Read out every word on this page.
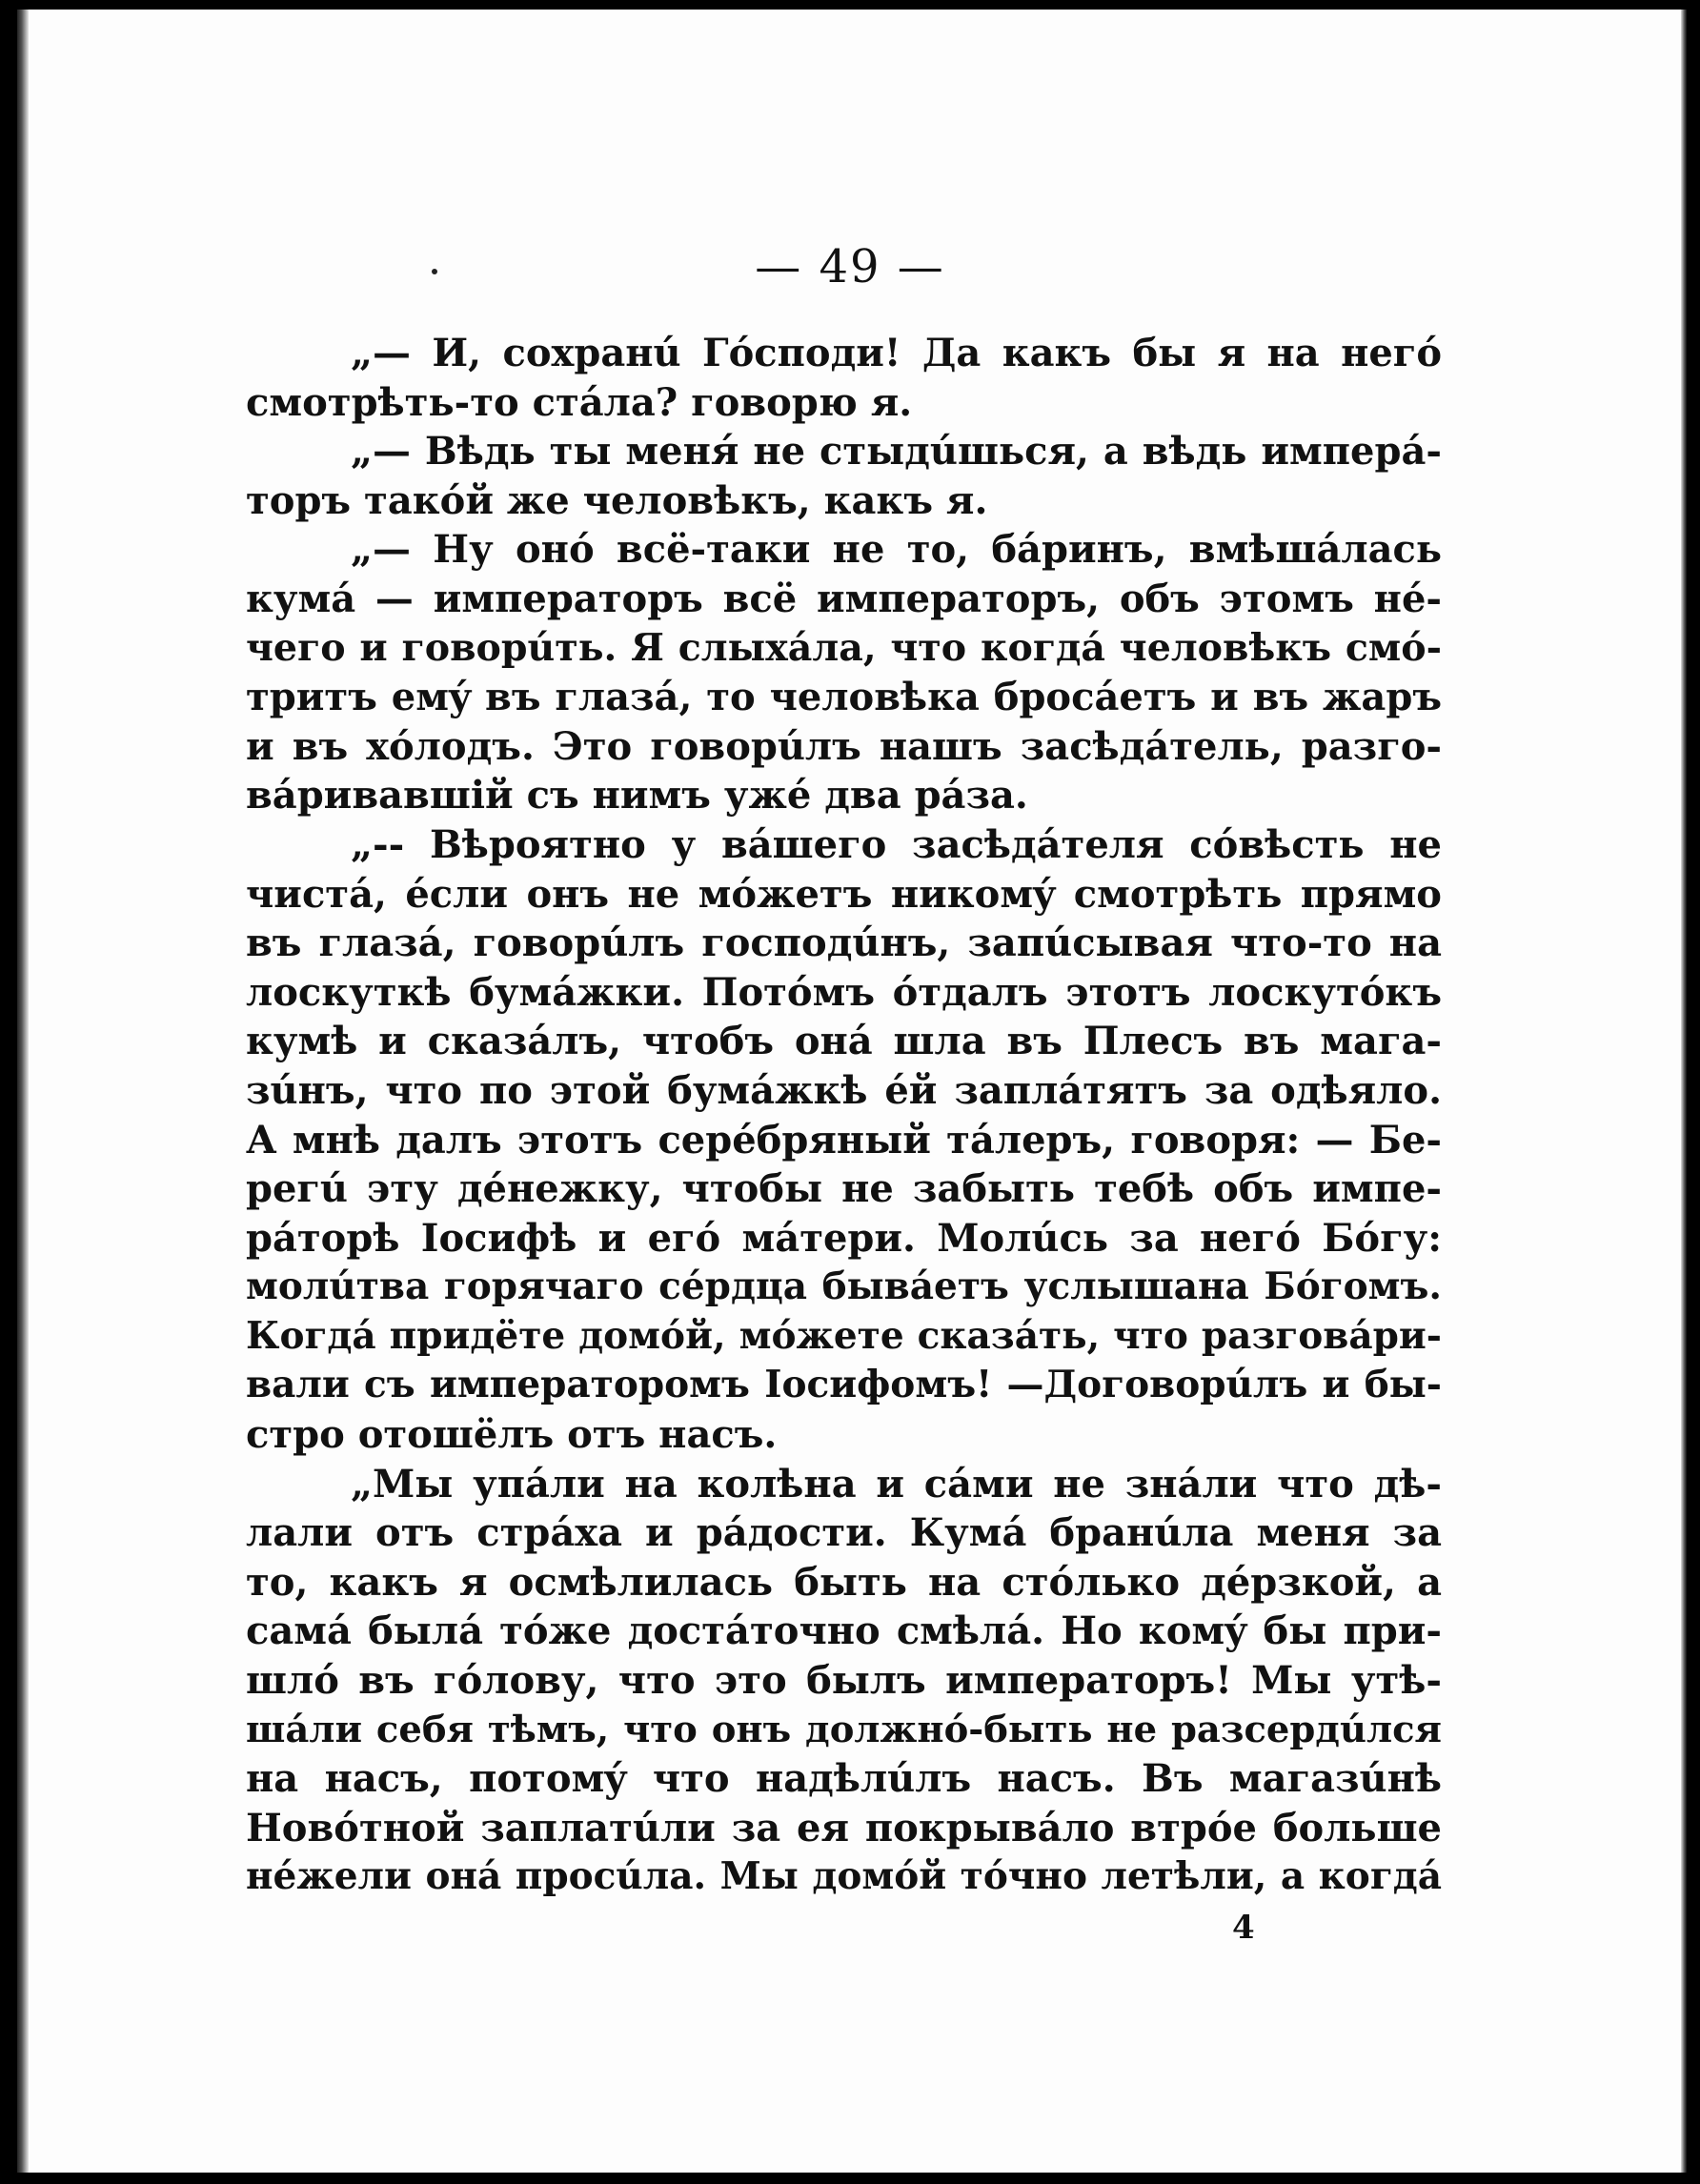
— 49 —
„— И, сохранú Гóсподи! Да какъ бы я на негó
смотрѣть-то стáла? говорю я.
„— Вѣдь ты меня́ не стыдúшься, а вѣдь имперá-
торъ такóй же человѣкъ, какъ я.
„— Ну онó всё-таки не то, бáринъ, вмѣшáлась
кумá — императоръ всё императоръ, объ этомъ нé-
чего и говорúть. Я слыхáла, что когдá человѣкъ смó-
тритъ емý въ глазá, то человѣка бросáетъ и въ жаръ
и въ хóлодъ. Это говорúлъ нашъ засѣдáтель, разго-
вáривавшій съ нимъ ужé два рáза.
„-- Вѣроятно у вáшего засѣдáтеля сóвѣсть не
чистá, éсли онъ не мóжетъ никомý смотрѣть прямо
въ глазá, говорúлъ господúнъ, запúсывая что-то на
лоскуткѣ бумáжки. Потóмъ óтдалъ этотъ лоскутóкъ
кумѣ и сказáлъ, чтобъ онá шла въ Плесъ въ мага-
зúнъ, что по этой бумáжкѣ éй заплáтятъ за одѣяло.
А мнѣ далъ этотъ серéбряный тáлеръ, говоря: — Бе-
регú эту дéнежку, чтобы не забыть тебѣ объ импе-
рáторѣ Іосифѣ и егó мáтери. Молúсь за негó Бóгу:
молúтва горячаго сéрдца бывáетъ услышана Бóгомъ.
Когдá придёте домóй, мóжете сказáть, что разговáри-
вали съ императоромъ Іосифомъ! —Договорúлъ и бы-
стро отошёлъ отъ насъ.
„Мы упáли на колѣна и сáми не знáли что дѣ-
лали отъ стрáха и рáдости. Кумá бранúла меня за
то, какъ я осмѣлилась быть на стóлько дéрзкой, а
самá былá тóже достáточно смѣлá. Но комý бы при-
шлó въ гóлову, что это былъ императоръ! Мы утѣ-
шáли себя тѣмъ, что онъ должнó-быть не разсердúлся
на насъ, потомý что надѣлúлъ насъ. Въ магазúнѣ
Новóтной заплатúли за ея покрывáло втрóе больше
нéжели онá просúла. Мы домóй тóчно летѣли, а когдá
4
